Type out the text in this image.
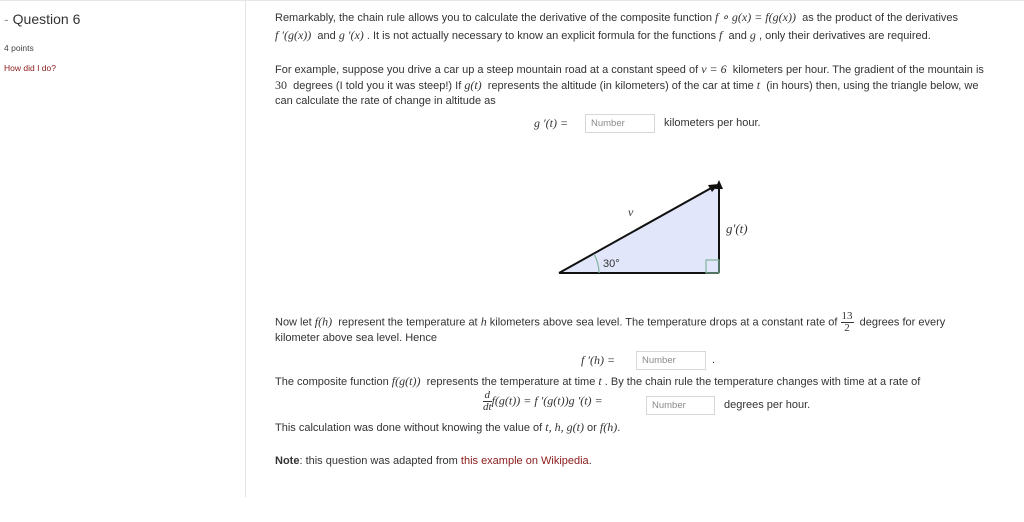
- Question 6
4 points
How did I do?
Remarkably, the chain rule allows you to calculate the derivative of the composite function f ∘ g(x) = f(g(x)) as the product of the derivatives
f ′(g(x)) and g ′(x) . It is not actually necessary to know an explicit formula for the functions f and g , only their derivatives are required.
For example, suppose you drive a car up a steep mountain road at a constant speed of v = 6 kilometers per hour. The gradient of the mountain is
30 degrees (I told you it was steep!) If g(t) represents the altitude (in kilometers) of the car at time t (in hours) then, using the triangle below, we
can calculate the rate of change in altitude as
g ′(t) =
Number	kilometers per hour.
30°
v
g′(t)
Now let f(h) represent the temperature at h kilometers above sea level. The temperature drops at a constant rate of $\frac{13}{2}$ degrees for every
kilometer above sea level. Hence
f ′(h) =
Number	.
The composite function f(g(t)) represents the temperature at time t . By the chain rule the temperature changes with time at a rate of
$\frac{d}{dt} f(g(t)) = f$ ′(g(t))g ′(t) =
Number	degrees per hour.
This calculation was done without knowing the value of t, h, g(t) or f(h).
Note: this question was adapted from this example on Wikipedia.
